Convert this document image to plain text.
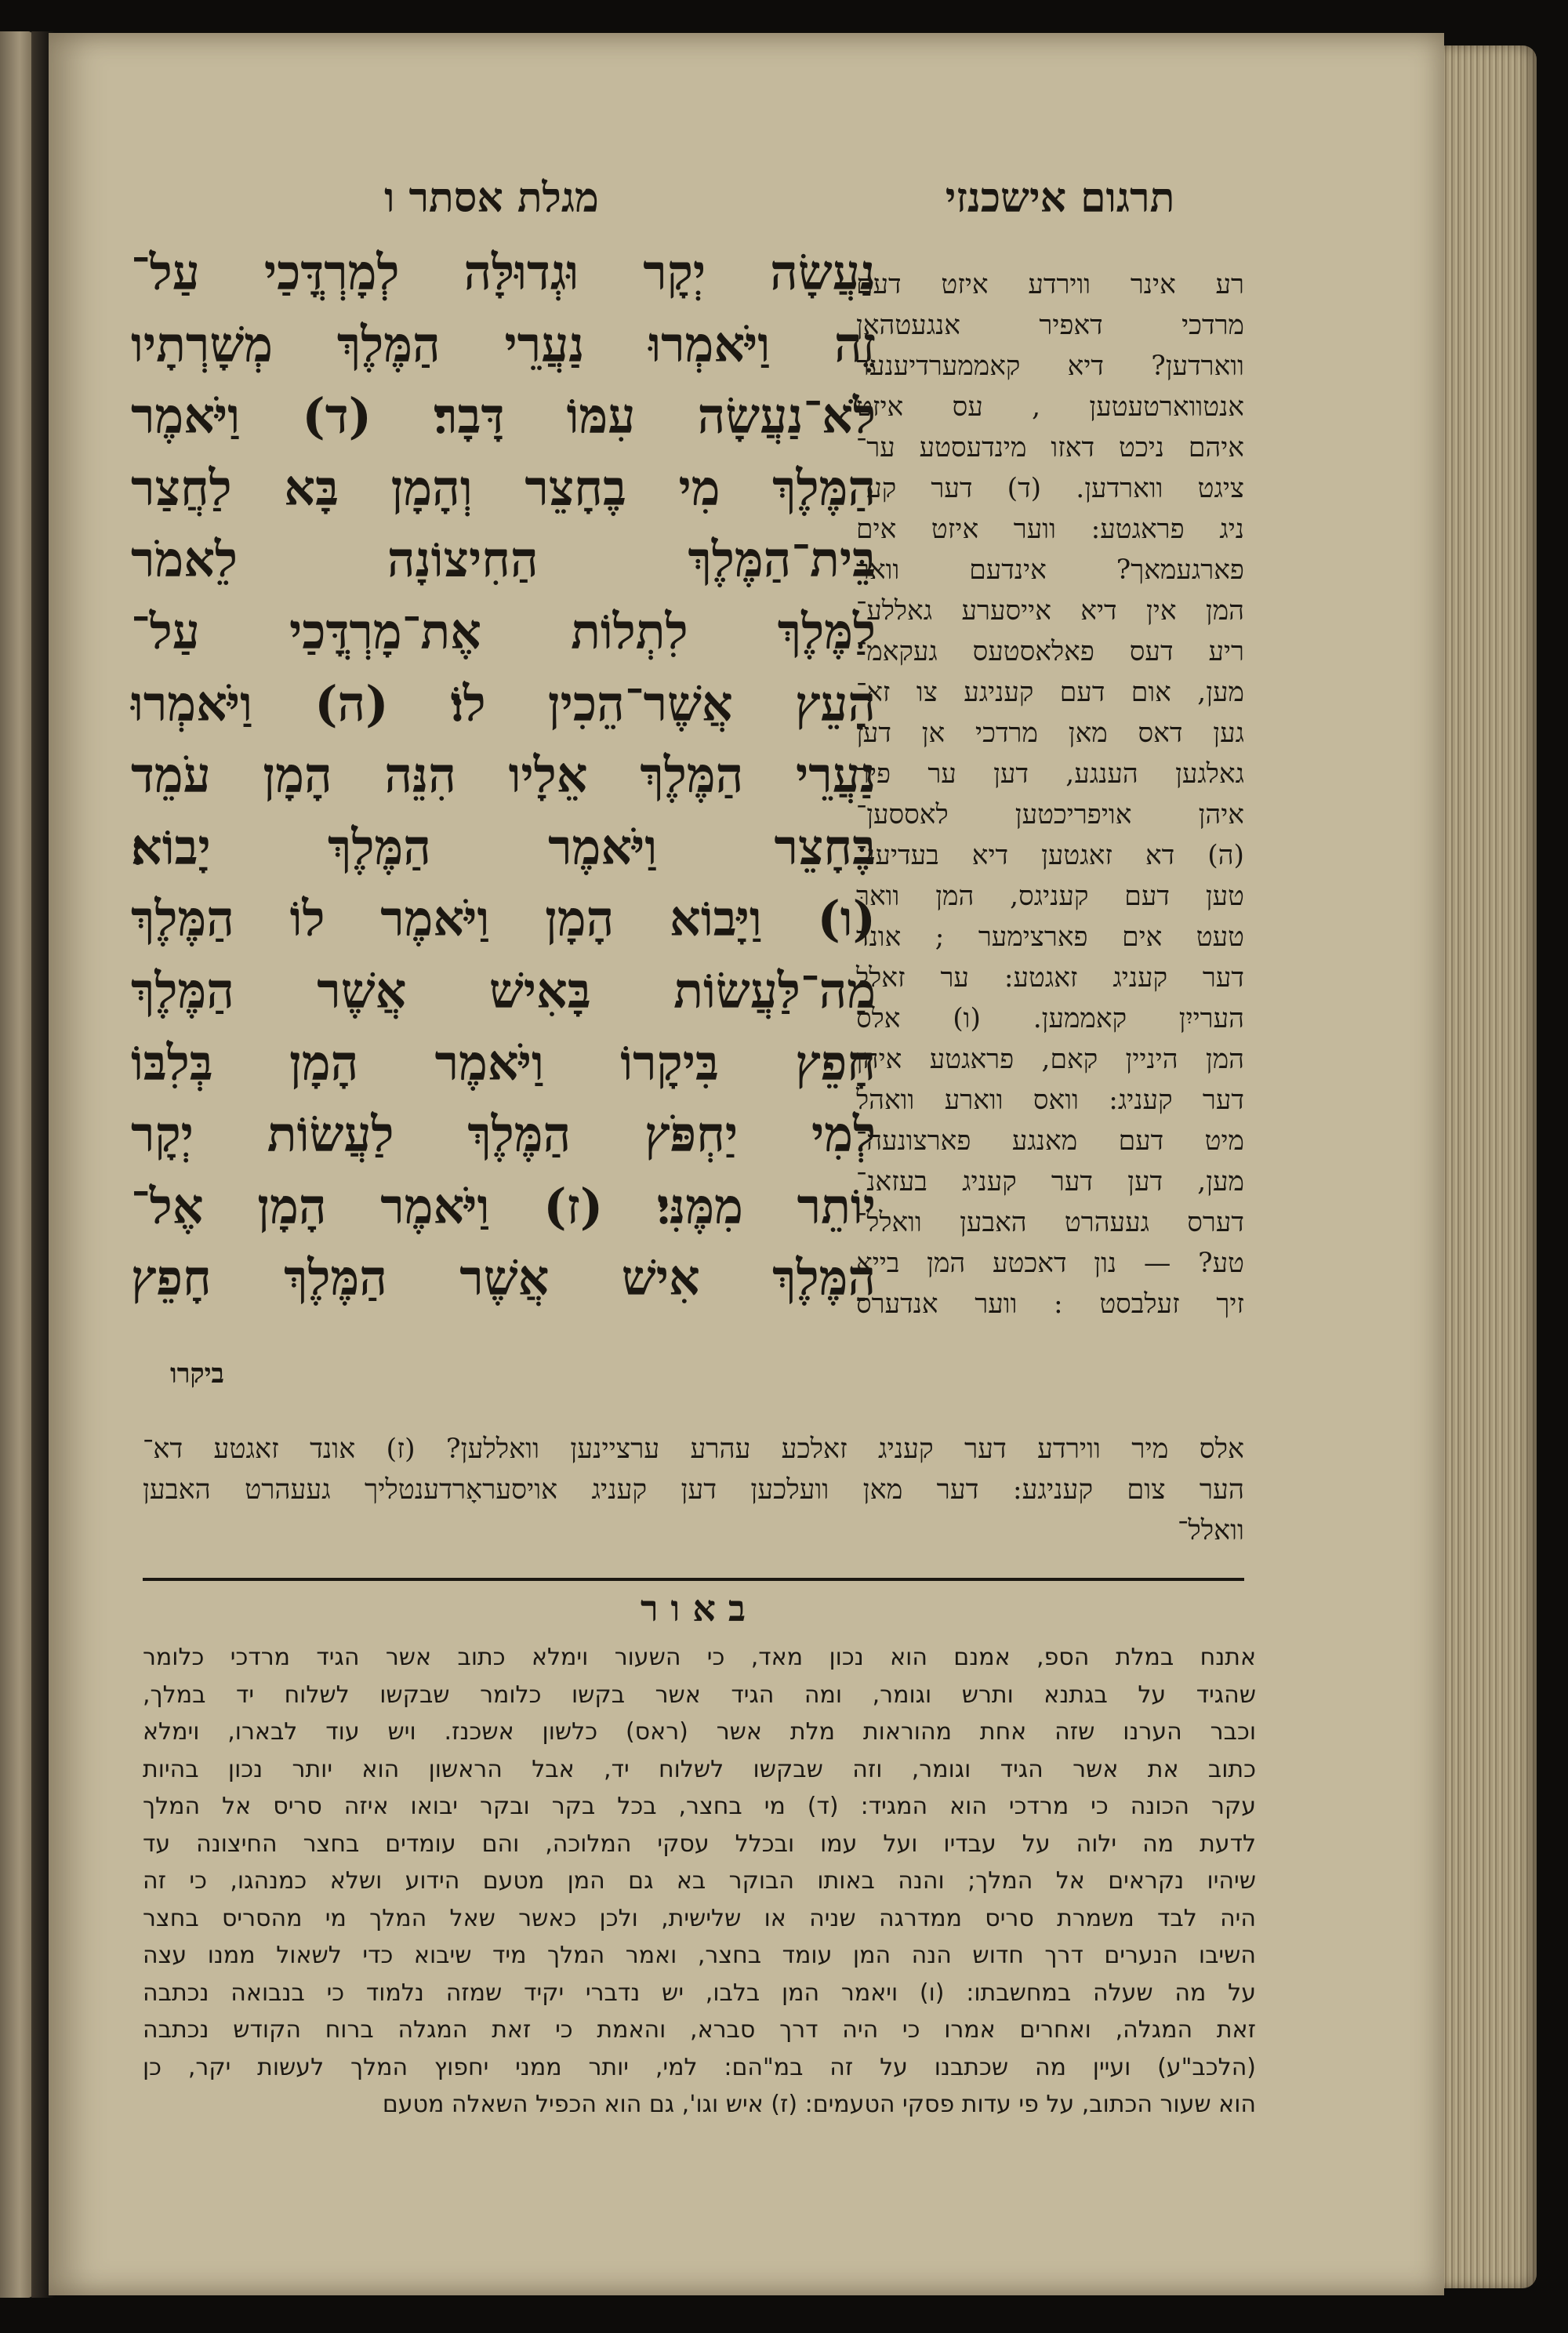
תרגום אישכנזי
מגלת אסתר ו
נַעֲשָׂה יְקָר וּגְדוּלָּה לְמָרְדֳּכַי עַל־
זֶה וַיֹּאמְרוּ נַעֲרֵי הַמֶּלֶךְ מְשָׁרְתָיו
לֹא־נַעֲשָׂה עִמּוֹ דָּבָר׃ (ד) וַיֹּאמֶר
הַמֶּלֶךְ מִי בֶחָצֵר וְהָמָן בָּא לַחֲצַר
בֵּית־הַמֶּלֶךְ הַחִיצוֹנָה לֵאמֹר
לַמֶּלֶךְ לִתְלוֹת אֶת־מָרְדֳּכַי עַל־
הָעֵץ אֲשֶׁר־הֵכִין לוֹ׃ (ה) וַיֹּאמְרוּ
נַעֲרֵי הַמֶּלֶךְ אֵלָיו הִנֵּה הָמָן עֹמֵד
בֶּחָצֵר וַיֹּאמֶר הַמֶּלֶךְ יָבוֹא׃
(ו) וַיָּבוֹא הָמָן וַיֹּאמֶר לוֹ הַמֶּלֶךְ
מַה־לַּעֲשׂוֹת בָּאִישׁ אֲשֶׁר הַמֶּלֶךְ
חָפֵץ בִּיקָרוֹ וַיֹּאמֶר הָמָן בְּלִבּוֹ
לְמִי יַחְפֹּץ הַמֶּלֶךְ לַעֲשׂוֹת יְקָר
יוֹתֵר מִמֶּנִּי׃ (ז) וַיֹּאמֶר הָמָן אֶל־
הַמֶּלֶךְ אִישׁ אֲשֶׁר הַמֶּלֶךְ חָפֵץ
ביקרו
רע אינר ווירדע איזט דעם
מרדכי דאפיר אנגעטהאן
ווארדען? דיא קאממערדיענער
אנטווארטעטען , עס איזט
איהם ניכט דאזו מינדעסטע ער־
ציגט ווארדען. (ד) דער קע־
ניג פראגטע: ווער איזט אים
פארגעמאך? אינדעם וואר
המן אין דיא אייסערע גאללע־
ריע דעס פאלאסטעס געקאמ־
מען, אום דעם קעניגע צו זא־
גען דאס מאן מרדכי אן דען
גאלגען הענגע, דען ער פיר
איהן אויפריכטען לאססען־
(ה) דא זאגטען דיא בעדיענ־
טען דעם קעניגס, המן ווארּ
טעט אים פארצימער ; אונד
דער קעניג זאגטע: ער זאלל
הערייִן קאממען. (ו) אלס
המן היניין קאם, פראגטע איהן
דער קעניג: וואס ווארע וואהל
מיט דעם מאנגע פארצונעה־
מען, דען דער קעניג בעזאנ־
דערס געעהרט האבען וואלל־
טע? — נון דאכטע המן בייא
זיך זעלבסט : ווער אנדערס
אלס מיר ווירדע דער קעניג זאלכע עהרע ערציינען וואללען? (ז) אונד זאגטע דא־
הער צום קעניגע: דער מאן וועלכען דען קעניג אויסעראָרדענטליך געעהרט האבען
וואלל־
באור
אתנח במלת הספ, אמנם הוא נכון מאד, כי השעור וימלא כתוב אשר הגיד מרדכי כלומר
שהגיד על בגתנא ותרש וגומר, ומה הגיד אשר בקשו כלומר שבקשו לשלוח יד במלך,
וכבר הערנו שזה אחת מהוראות מלת אשר (ראס) כלשון אשכנז. ויש עוד לבארו, וימלא
כתוב את אשר הגיד וגומר, וזה שבקשו לשלוח יד, אבל הראשון הוא יותר נכון בהיות
עקר הכונה כי מרדכי הוא המגיד: (ד) מי בחצר, בכל בקר ובקר יבואו איזה סריס אל המלך
לדעת מה ילוה על עבדיו ועל עמו ובכלל עסקי המלוכה, והם עומדים בחצר החיצונה עד
שיהיו נקראים אל המלך; והנה באותו הבוקר בא גם המן מטעם הידוע ושלא כמנהגו, כי זה
היה לבד משמרת סריס ממדרגה שניה או שלישית, ולכן כאשר שאל המלך מי מהסריס בחצר
השיבו הנערים דרך חדוש הנה המן עומד בחצר, ואמר המלך מיד שיבוא כדי לשאול ממנו עצה
על מה שעלה במחשבתו: (ו) ויאמר המן בלבו, יש נדברי יקיד שמזה נלמוד כי בנבואה נכתבה
זאת המגלה, ואחרים אמרו כי היה דרך סברא, והאמת כי זאת המגלה ברוח הקודש נכתבה
(הלכב"ע) ועיין מה שכתבנו על זה במ"הם: למי, יותר ממני יחפוץ המלך לעשות יקר, כן
הוא שעור הכתוב, על פי עדות פסקי הטעמים: (ז) איש וגו', גם הוא הכפיל השאלה מטעם
